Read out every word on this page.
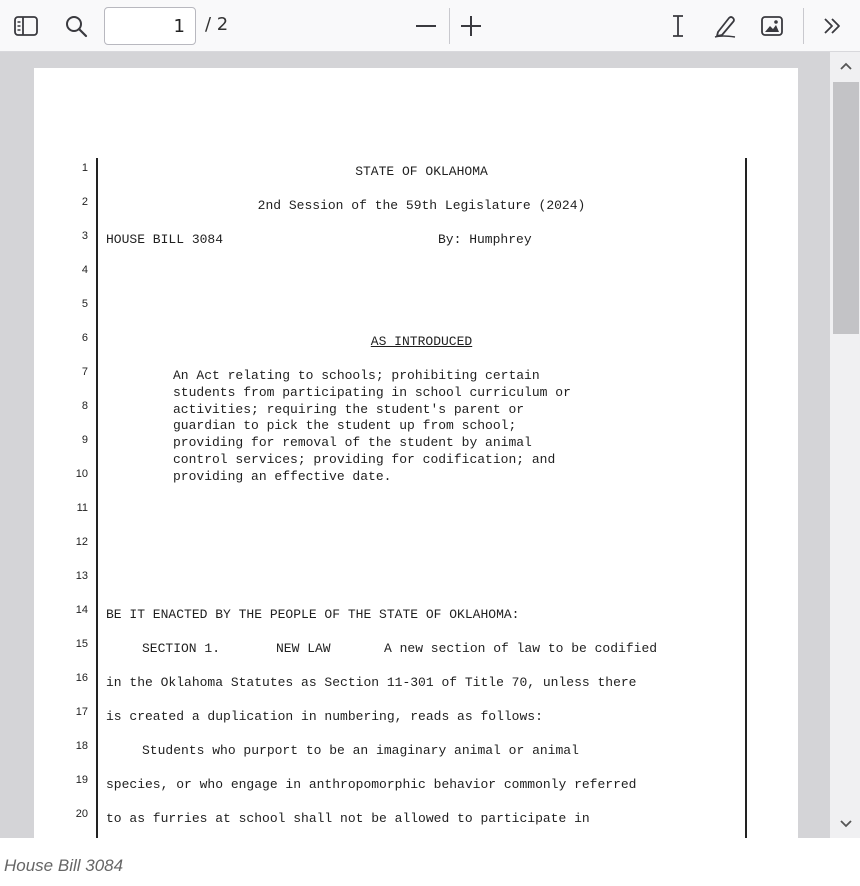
1
/ 2
1
2
3
4
5
6
7
8
9
10
11
12
13
14
15
16
17
18
19
20
STATE OF OKLAHOMA
2nd Session of the 59th Legislature (2024)
HOUSE BILL 3084	By: Humphrey
AS INTRODUCED
An Act relating to schools; prohibiting certain
students from participating in school curriculum or
activities; requiring the student's parent or
guardian to pick the student up from school;
providing for removal of the student by animal
control services; providing for codification; and
providing an effective date.
BE IT ENACTED BY THE PEOPLE OF THE STATE OF OKLAHOMA:
SECTION 1.	NEW LAW	A new section of law to be codified
in the Oklahoma Statutes as Section 11-301 of Title 70, unless there
is created a duplication in numbering, reads as follows:
Students who purport to be an imaginary animal or animal
species, or who engage in anthropomorphic behavior commonly referred
to as furries at school shall not be allowed to participate in
House Bill 3084
